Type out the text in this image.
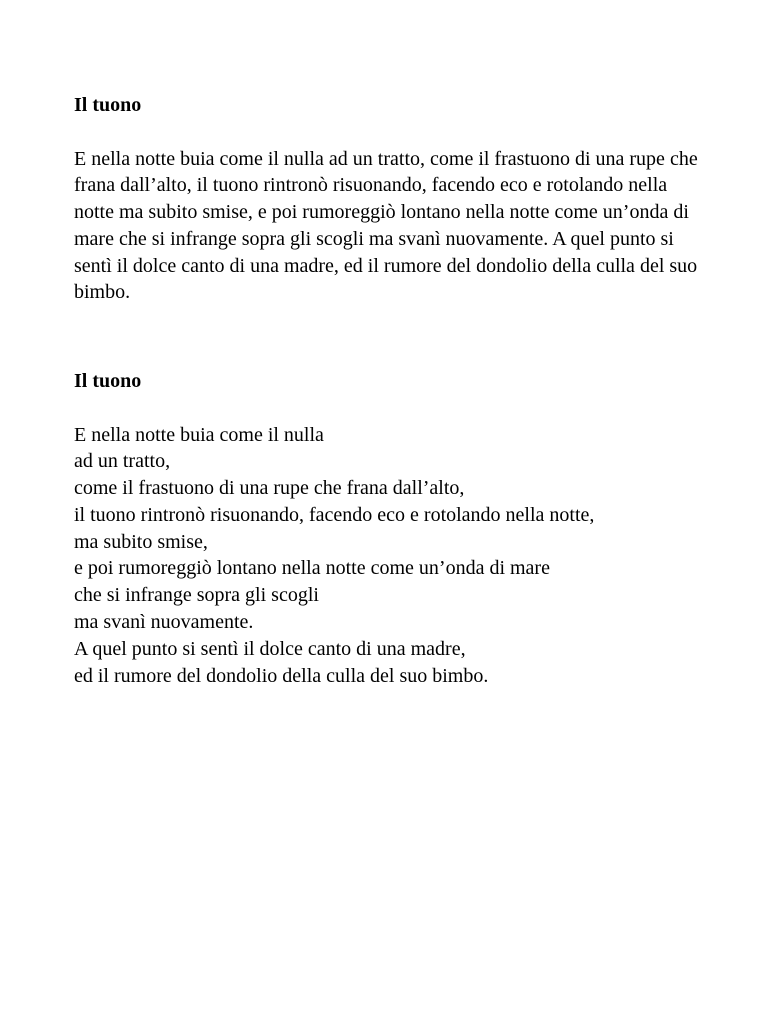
Il tuono

E nella notte buia come il nulla ad un tratto, come il frastuono di una rupe che frana dall’alto, il tuono rintronò risuonando, facendo eco e rotolando nella notte ma subito smise, e poi rumoreggiò lontano nella notte come un’onda di mare che si infrange sopra gli scogli ma svanì nuovamente. A quel punto si sentì il dolce canto di una madre, ed il rumore del dondolio della culla del suo bimbo.

Il tuono
E nella notte buia come il nulla
ad un tratto,
come il frastuono di una rupe che frana dall’alto,
il tuono rintronò risuonando, facendo eco e rotolando nella notte,
ma subito smise,
e poi rumoreggiò lontano nella notte come un’onda di mare
che si infrange sopra gli scogli
ma svanì nuovamente.
A quel punto si sentì il dolce canto di una madre,
ed il rumore del dondolio della culla del suo bimbo.
